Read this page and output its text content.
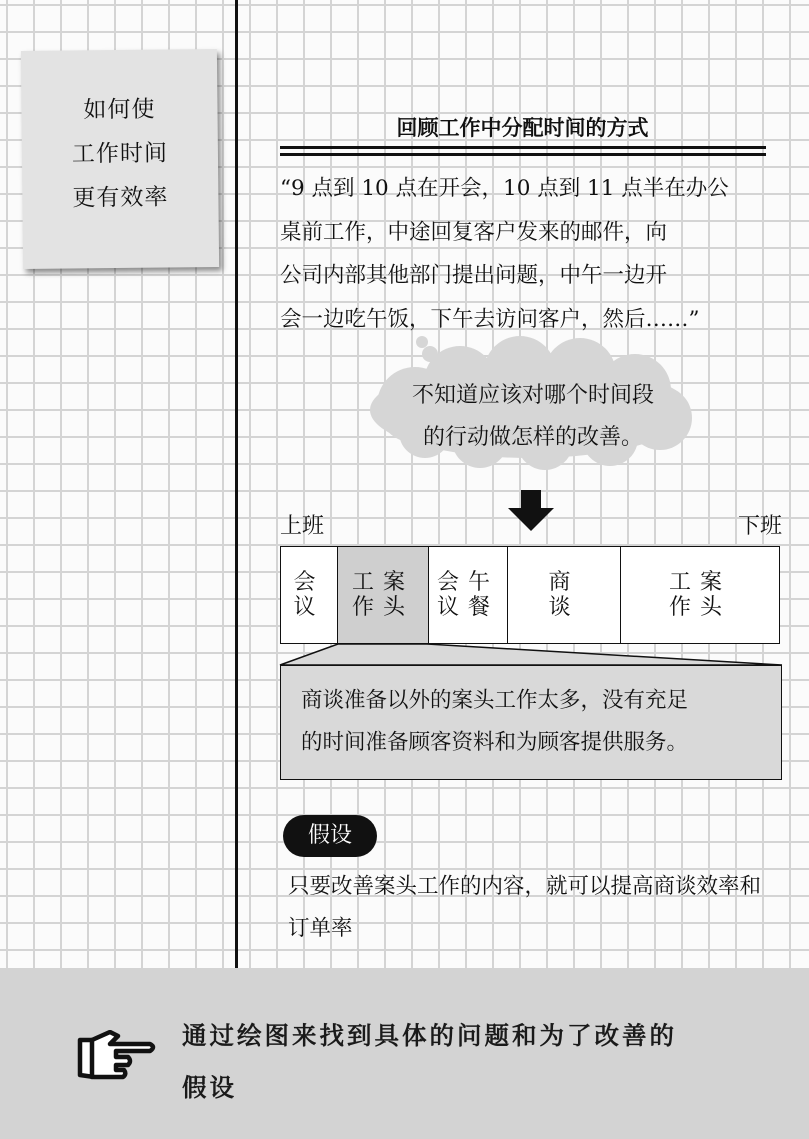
如何使
工作时间
更有效率
回顾工作中分配时间的方式
“9 点到 10 点在开会，10 点到 11 点半在办公
桌前工作，中途回复客户发来的邮件，向
公司内部其他部门提出问题，中午一边开
会一边吃午饭，下午去访问客户，然后……”
不知道应该对哪个时间段
的行动做怎样的改善。
上班	下班
会
议
工案
作头
会午
议餐
商
谈
工案
作头
商谈准备以外的案头工作太多，没有充足
的时间准备顾客资料和为顾客提供服务。
假设
只要改善案头工作的内容，就可以提高商谈效率和订单率
通过绘图来找到具体的问题和为了改善的
假设
